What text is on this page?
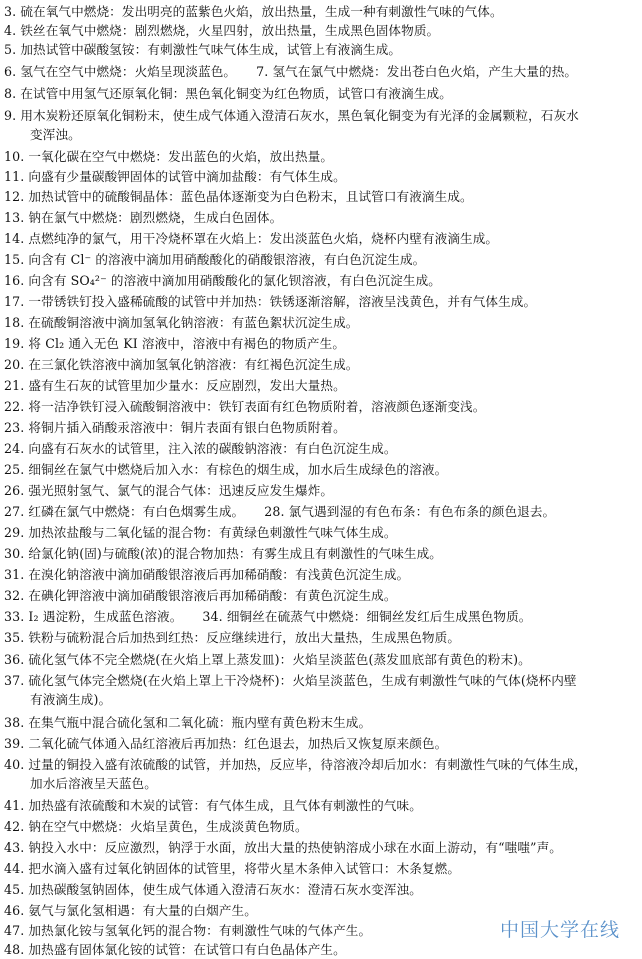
3. 硫在氧气中燃烧：发出明亮的蓝紫色火焰，放出热量，生成一种有刺激性气味的气体。
4. 铁丝在氧气中燃烧：剧烈燃烧，火星四射，放出热量，生成黑色固体物质。
5. 加热试管中碳酸氢铵：有刺激性气味气体生成，试管上有液滴生成。
6. 氢气在空气中燃烧：火焰呈现淡蓝色。 7. 氢气在氯气中燃烧：发出苍白色火焰，产生大量的热。
8. 在试管中用氢气还原氧化铜：黑色氧化铜变为红色物质，试管口有液滴生成。
9. 用木炭粉还原氧化铜粉末，使生成气体通入澄清石灰水，黑色氧化铜变为有光泽的金属颗粒，石灰水
变浑浊。
10. 一氧化碳在空气中燃烧：发出蓝色的火焰，放出热量。
11. 向盛有少量碳酸钾固体的试管中滴加盐酸：有气体生成。
12. 加热试管中的硫酸铜晶体：蓝色晶体逐渐变为白色粉末，且试管口有液滴生成。
13. 钠在氯气中燃烧：剧烈燃烧，生成白色固体。
14. 点燃纯净的氯气，用干冷烧杯罩在火焰上：发出淡蓝色火焰，烧杯内壁有液滴生成。
15. 向含有 Cl⁻ 的溶液中滴加用硝酸酸化的硝酸银溶液，有白色沉淀生成。
16. 向含有 SO₄²⁻ 的溶液中滴加用硝酸酸化的氯化钡溶液，有白色沉淀生成。
17. 一带锈铁钉投入盛稀硫酸的试管中并加热：铁锈逐渐溶解，溶液呈浅黄色，并有气体生成。
18. 在硫酸铜溶液中滴加氢氧化钠溶液：有蓝色絮状沉淀生成。
19. 将 Cl₂ 通入无色 KI 溶液中，溶液中有褐色的物质产生。
20. 在三氯化铁溶液中滴加氢氧化钠溶液：有红褐色沉淀生成。
21. 盛有生石灰的试管里加少量水：反应剧烈，发出大量热。
22. 将一洁净铁钉浸入硫酸铜溶液中：铁钉表面有红色物质附着，溶液颜色逐渐变浅。
23. 将铜片插入硝酸汞溶液中：铜片表面有银白色物质附着。
24. 向盛有石灰水的试管里，注入浓的碳酸钠溶液：有白色沉淀生成。
25. 细铜丝在氯气中燃烧后加入水：有棕色的烟生成，加水后生成绿色的溶液。
26. 强光照射氢气、氯气的混合气体：迅速反应发生爆炸。
27. 红磷在氯气中燃烧：有白色烟雾生成。 28. 氯气遇到湿的有色布条：有色布条的颜色退去。
29. 加热浓盐酸与二氧化锰的混合物：有黄绿色刺激性气味气体生成。
30. 给氯化钠(固)与硫酸(浓)的混合物加热：有雾生成且有刺激性的气味生成。
31. 在溴化钠溶液中滴加硝酸银溶液后再加稀硝酸：有浅黄色沉淀生成。
32. 在碘化钾溶液中滴加硝酸银溶液后再加稀硝酸：有黄色沉淀生成。
33. I₂ 遇淀粉，生成蓝色溶液。 34. 细铜丝在硫蒸气中燃烧：细铜丝发红后生成黑色物质。
35. 铁粉与硫粉混合后加热到红热：反应继续进行，放出大量热，生成黑色物质。
36. 硫化氢气体不完全燃烧(在火焰上罩上蒸发皿)：火焰呈淡蓝色(蒸发皿底部有黄色的粉末)。
37. 硫化氢气体完全燃烧(在火焰上罩上干冷烧杯)：火焰呈淡蓝色，生成有刺激性气味的气体(烧杯内壁
有液滴生成)。
38. 在集气瓶中混合硫化氢和二氧化硫：瓶内壁有黄色粉末生成。
39. 二氧化硫气体通入品红溶液后再加热：红色退去，加热后又恢复原来颜色。
40. 过量的铜投入盛有浓硫酸的试管，并加热，反应毕，待溶液冷却后加水：有刺激性气味的气体生成，
加水后溶液呈天蓝色。
41. 加热盛有浓硫酸和木炭的试管：有气体生成，且气体有刺激性的气味。
42. 钠在空气中燃烧：火焰呈黄色，生成淡黄色物质。
43. 钠投入水中：反应激烈，钠浮于水面，放出大量的热使钠溶成小球在水面上游动，有“嗤嗤”声。
44. 把水滴入盛有过氧化钠固体的试管里，将带火星木条伸入试管口：木条复燃。
45. 加热碳酸氢钠固体，使生成气体通入澄清石灰水：澄清石灰水变浑浊。
46. 氨气与氯化氢相遇：有大量的白烟产生。
47. 加热氯化铵与氢氧化钙的混合物：有刺激性气味的气体产生。
48. 加热盛有固体氯化铵的试管：在试管口有白色晶体产生。
中国大学在线
